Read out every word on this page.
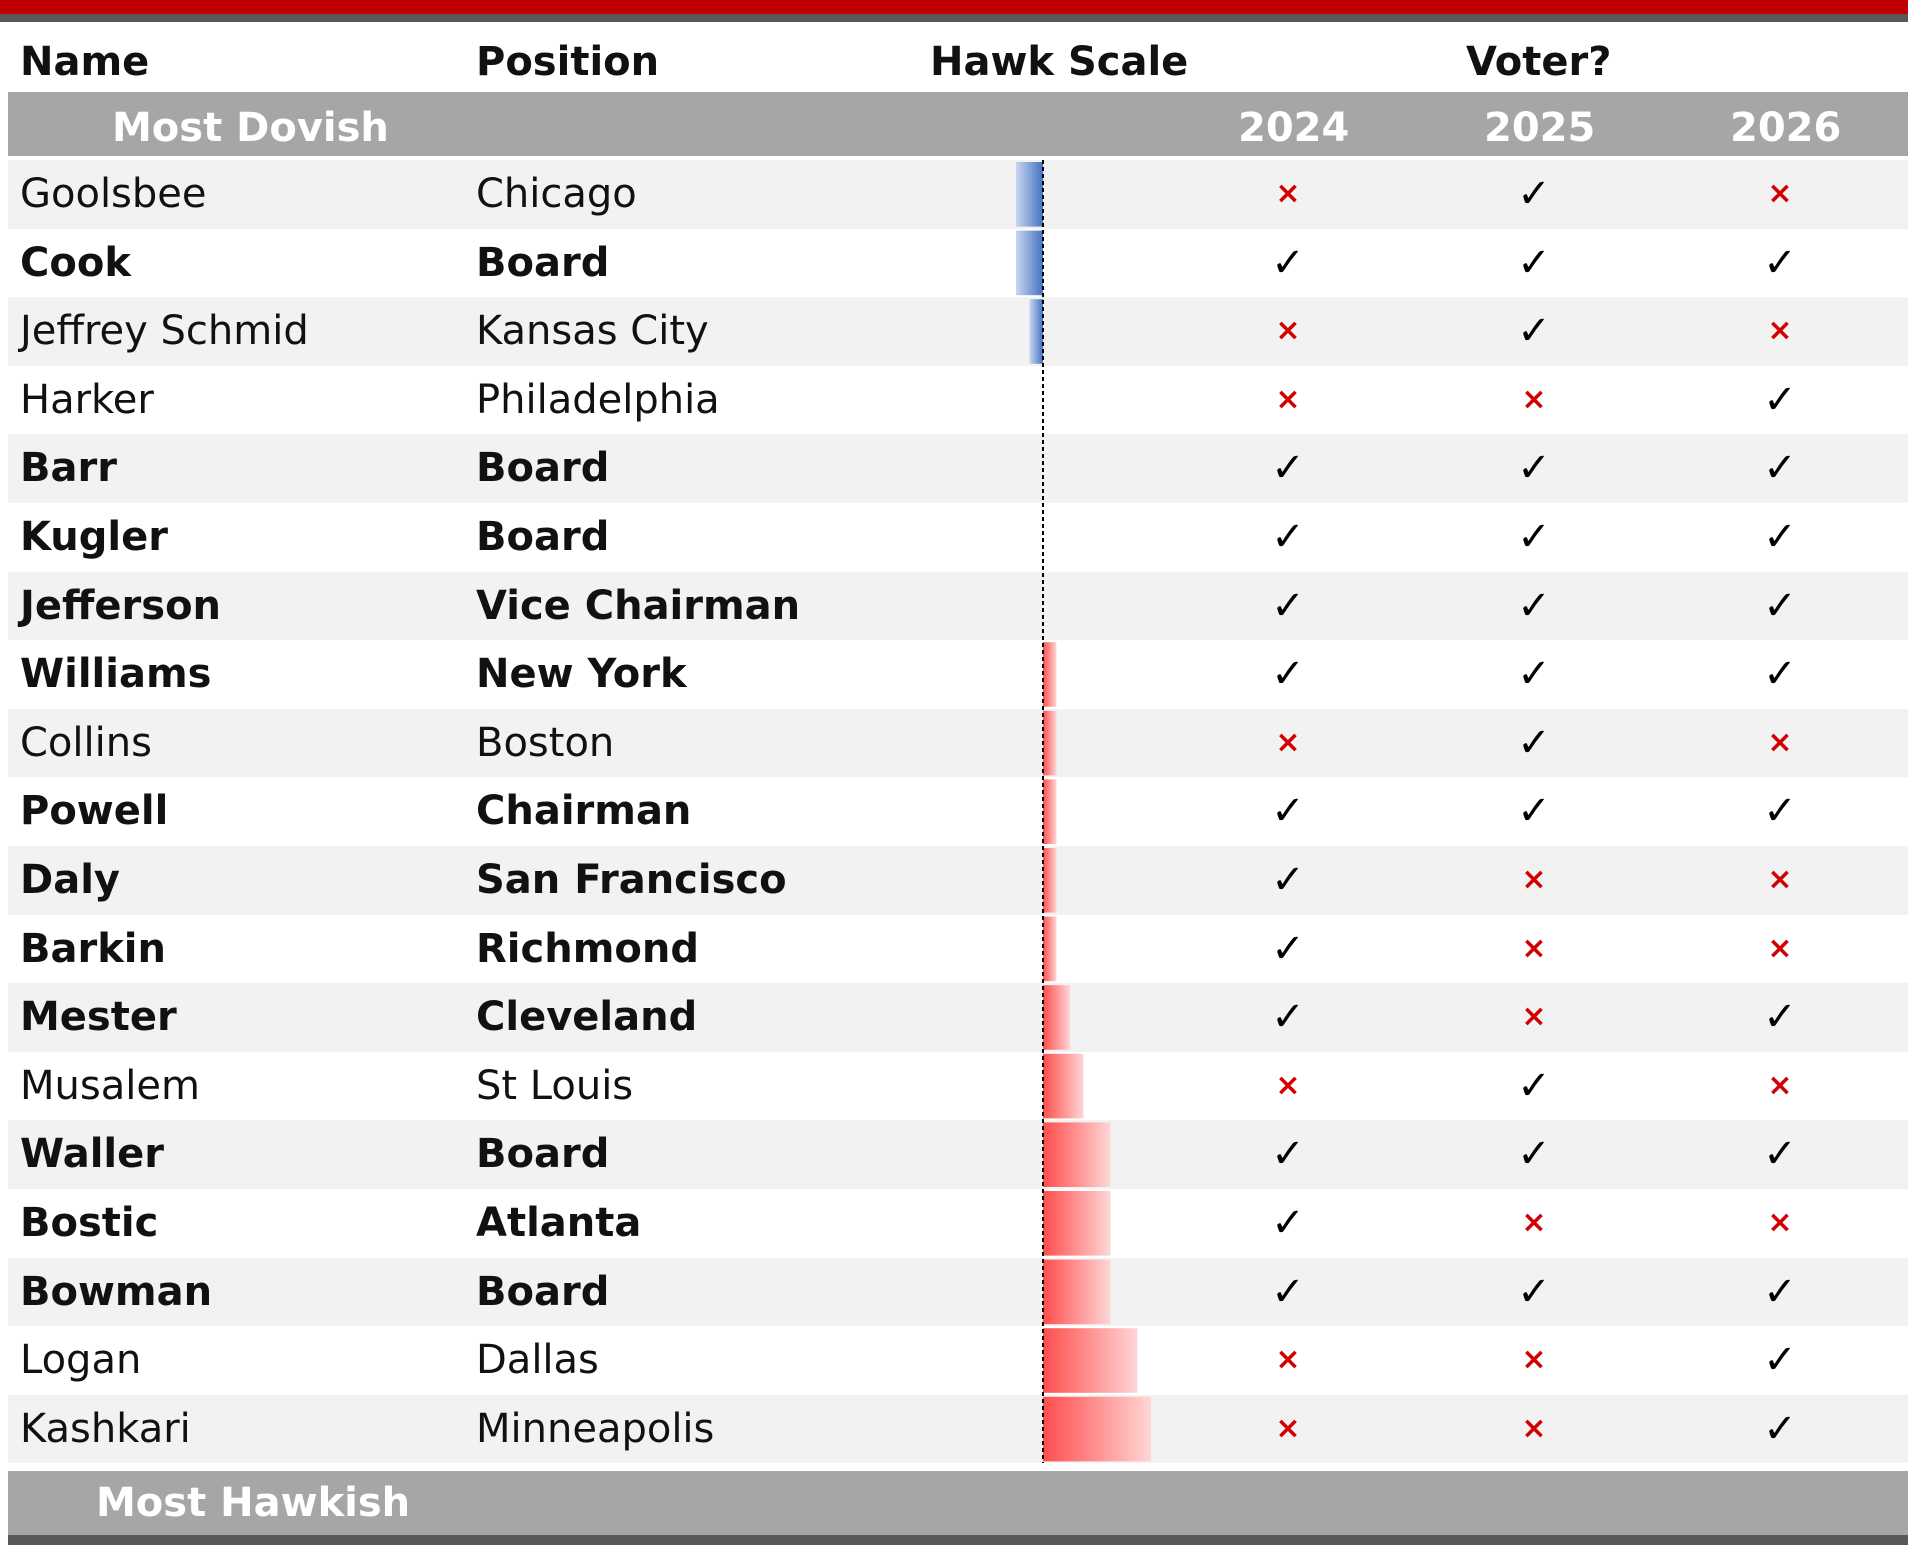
Name	Position	Hawk Scale	Voter?
Most Dovish	2024	2025	2026
Goolsbee	Chicago	×	✓	×
Cook	Board	✓	✓	✓
Jeffrey Schmid	Kansas City	×	✓	×
Harker	Philadelphia	×	×	✓
Barr	Board	✓	✓	✓
Kugler	Board	✓	✓	✓
Jefferson	Vice Chairman	✓	✓	✓
Williams	New York	✓	✓	✓
Collins	Boston	×	✓	×
Powell	Chairman	✓	✓	✓
Daly	San Francisco	✓	×	×
Barkin	Richmond	✓	×	×
Mester	Cleveland	✓	×	✓
Musalem	St Louis	×	✓	×
Waller	Board	✓	✓	✓
Bostic	Atlanta	✓	×	×
Bowman	Board	✓	✓	✓
Logan	Dallas	×	×	✓
Kashkari	Minneapolis	×	×	✓
Most Hawkish
